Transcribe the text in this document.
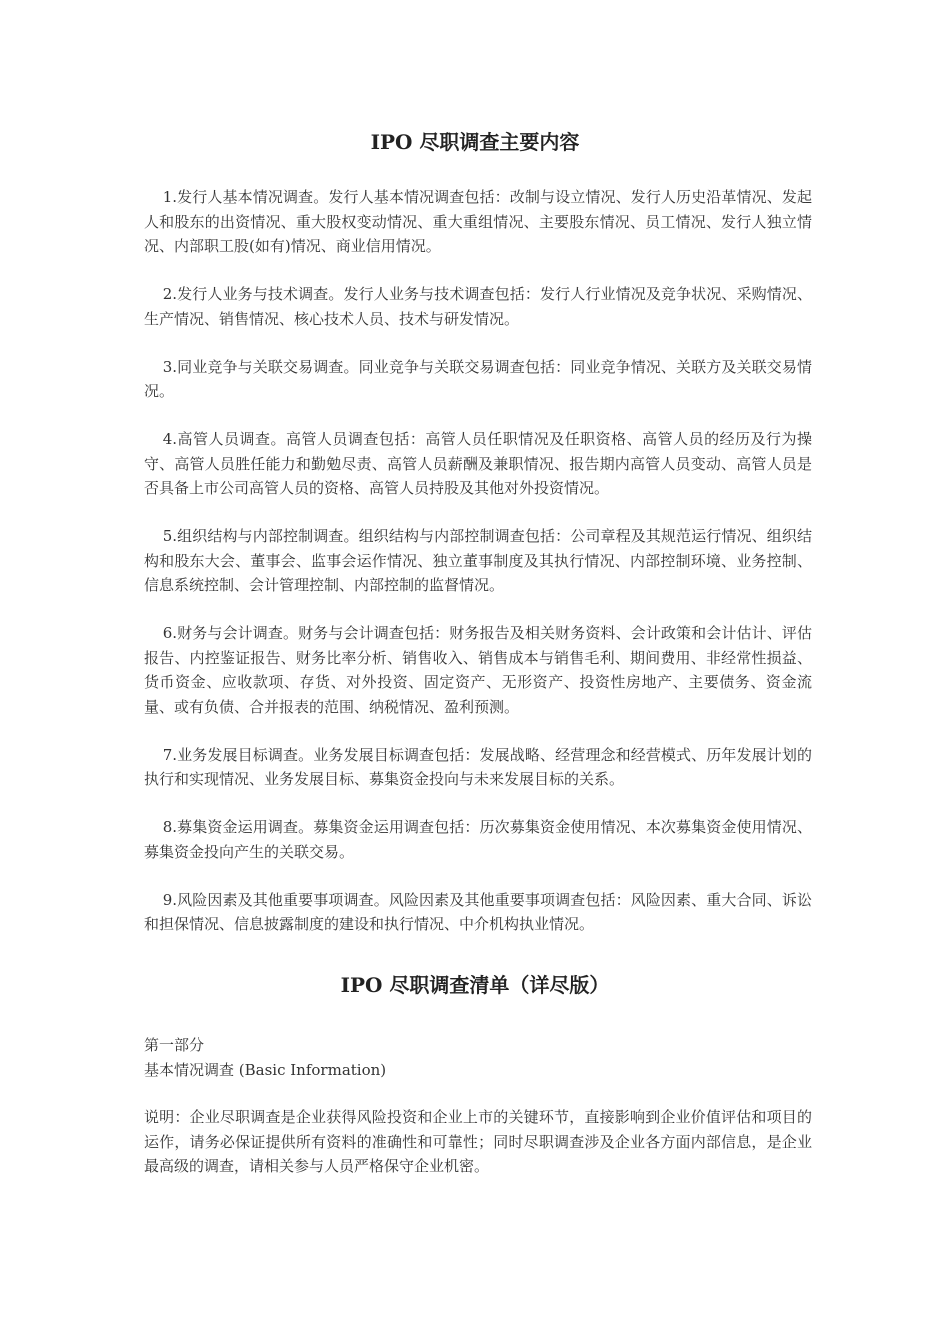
IPO 尽职调查主要内容

1.发行人基本情况调查。发行人基本情况调查包括：改制与设立情况、发行人历史沿革情况、发起人和股东的出资情况、重大股权变动情况、重大重组情况、主要股东情况、员工情况、发行人独立情况、内部职工股(如有)情况、商业信用情况。

2.发行人业务与技术调查。发行人业务与技术调查包括：发行人行业情况及竞争状况、采购情况、生产情况、销售情况、核心技术人员、技术与研发情况。

3.同业竞争与关联交易调查。同业竞争与关联交易调查包括：同业竞争情况、关联方及关联交易情况。

4.高管人员调查。高管人员调查包括：高管人员任职情况及任职资格、高管人员的经历及行为操守、高管人员胜任能力和勤勉尽责、高管人员薪酬及兼职情况、报告期内高管人员变动、高管人员是否具备上市公司高管人员的资格、高管人员持股及其他对外投资情况。

5.组织结构与内部控制调查。组织结构与内部控制调查包括：公司章程及其规范运行情况、组织结构和股东大会、董事会、监事会运作情况、独立董事制度及其执行情况、内部控制环境、业务控制、信息系统控制、会计管理控制、内部控制的监督情况。

6.财务与会计调查。财务与会计调查包括：财务报告及相关财务资料、会计政策和会计估计、评估报告、内控鉴证报告、财务比率分析、销售收入、销售成本与销售毛利、期间费用、非经常性损益、货币资金、应收款项、存货、对外投资、固定资产、无形资产、投资性房地产、主要债务、资金流量、或有负债、合并报表的范围、纳税情况、盈利预测。

7.业务发展目标调查。业务发展目标调查包括：发展战略、经营理念和经营模式、历年发展计划的执行和实现情况、业务发展目标、募集资金投向与未来发展目标的关系。

8.募集资金运用调查。募集资金运用调查包括：历次募集资金使用情况、本次募集资金使用情况、募集资金投向产生的关联交易。

9.风险因素及其他重要事项调查。风险因素及其他重要事项调查包括：风险因素、重大合同、诉讼和担保情况、信息披露制度的建设和执行情况、中介机构执业情况。

IPO 尽职调查清单（详尽版）

第一部分

基本情况调查 (Basic Information)

说明：企业尽职调查是企业获得风险投资和企业上市的关键环节，直接影响到企业价值评估和项目的运作，请务必保证提供所有资料的准确性和可靠性；同时尽职调查涉及企业各方面内部信息，是企业最高级的调查，请相关参与人员严格保守企业机密。
